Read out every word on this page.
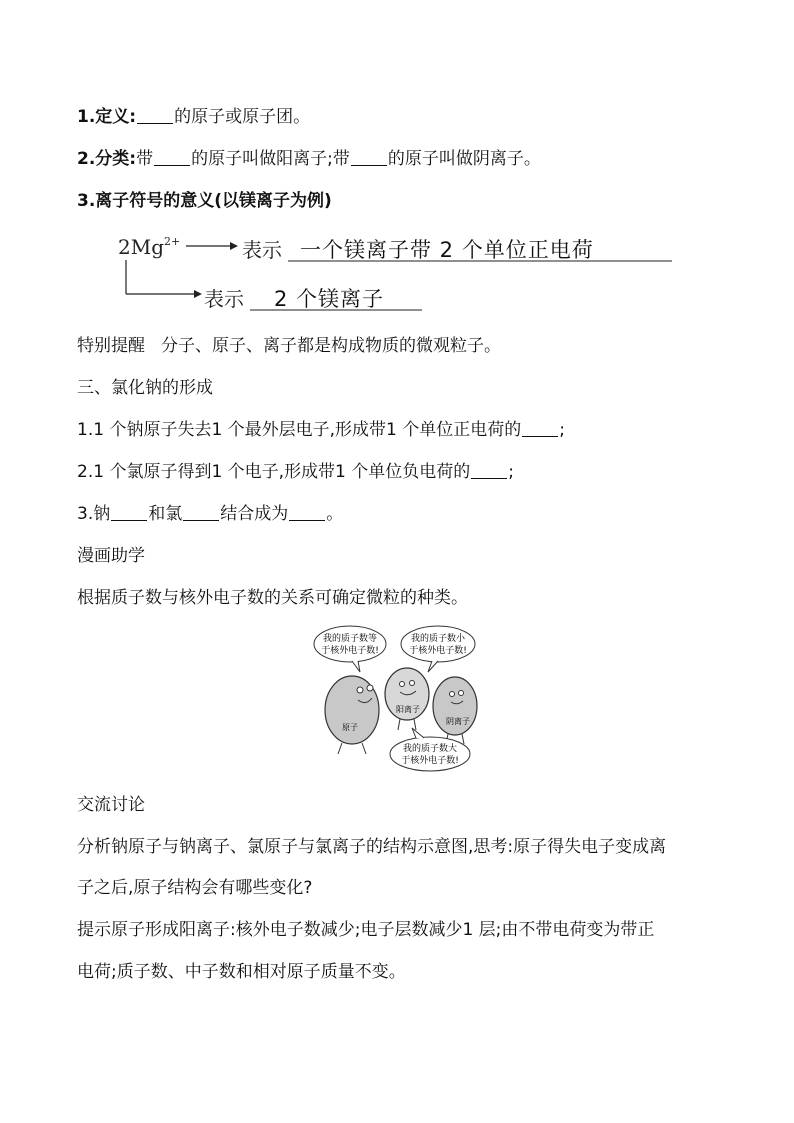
1.定义: 的原子或原子团。
2.分类:带 的原子叫做阳离子;带 的原子叫做阴离子。
3.离子符号的意义(以镁离子为例)
$2Mg^{2+}$	表示 一个镁离子带 2 个单位正电荷
表示 2 个镁离子
特别提醒 分子、原子、离子都是构成物质的微观粒子。
三、氯化钠的形成
1.1 个钠原子失去1 个最外层电子,形成带1 个单位正电荷的 ;
2.1 个氯原子得到1 个电子,形成带1 个单位负电荷的 ;
3.钠 和氯 结合成为 。
漫画助学
根据质子数与核外电子数的关系可确定微粒的种类。
我的质子数等
于核外电子数!
我的质子数小
于核外电子数!
原子
阳离子
阴离子
我的质子数大
于核外电子数!
交流讨论
分析钠原子与钠离子、氯原子与氯离子的结构示意图,思考:原子得失电子变成离
子之后,原子结构会有哪些变化?
提示原子形成阳离子:核外电子数减少;电子层数减少1 层;由不带电荷变为带正
电荷;质子数、中子数和相对原子质量不变。
